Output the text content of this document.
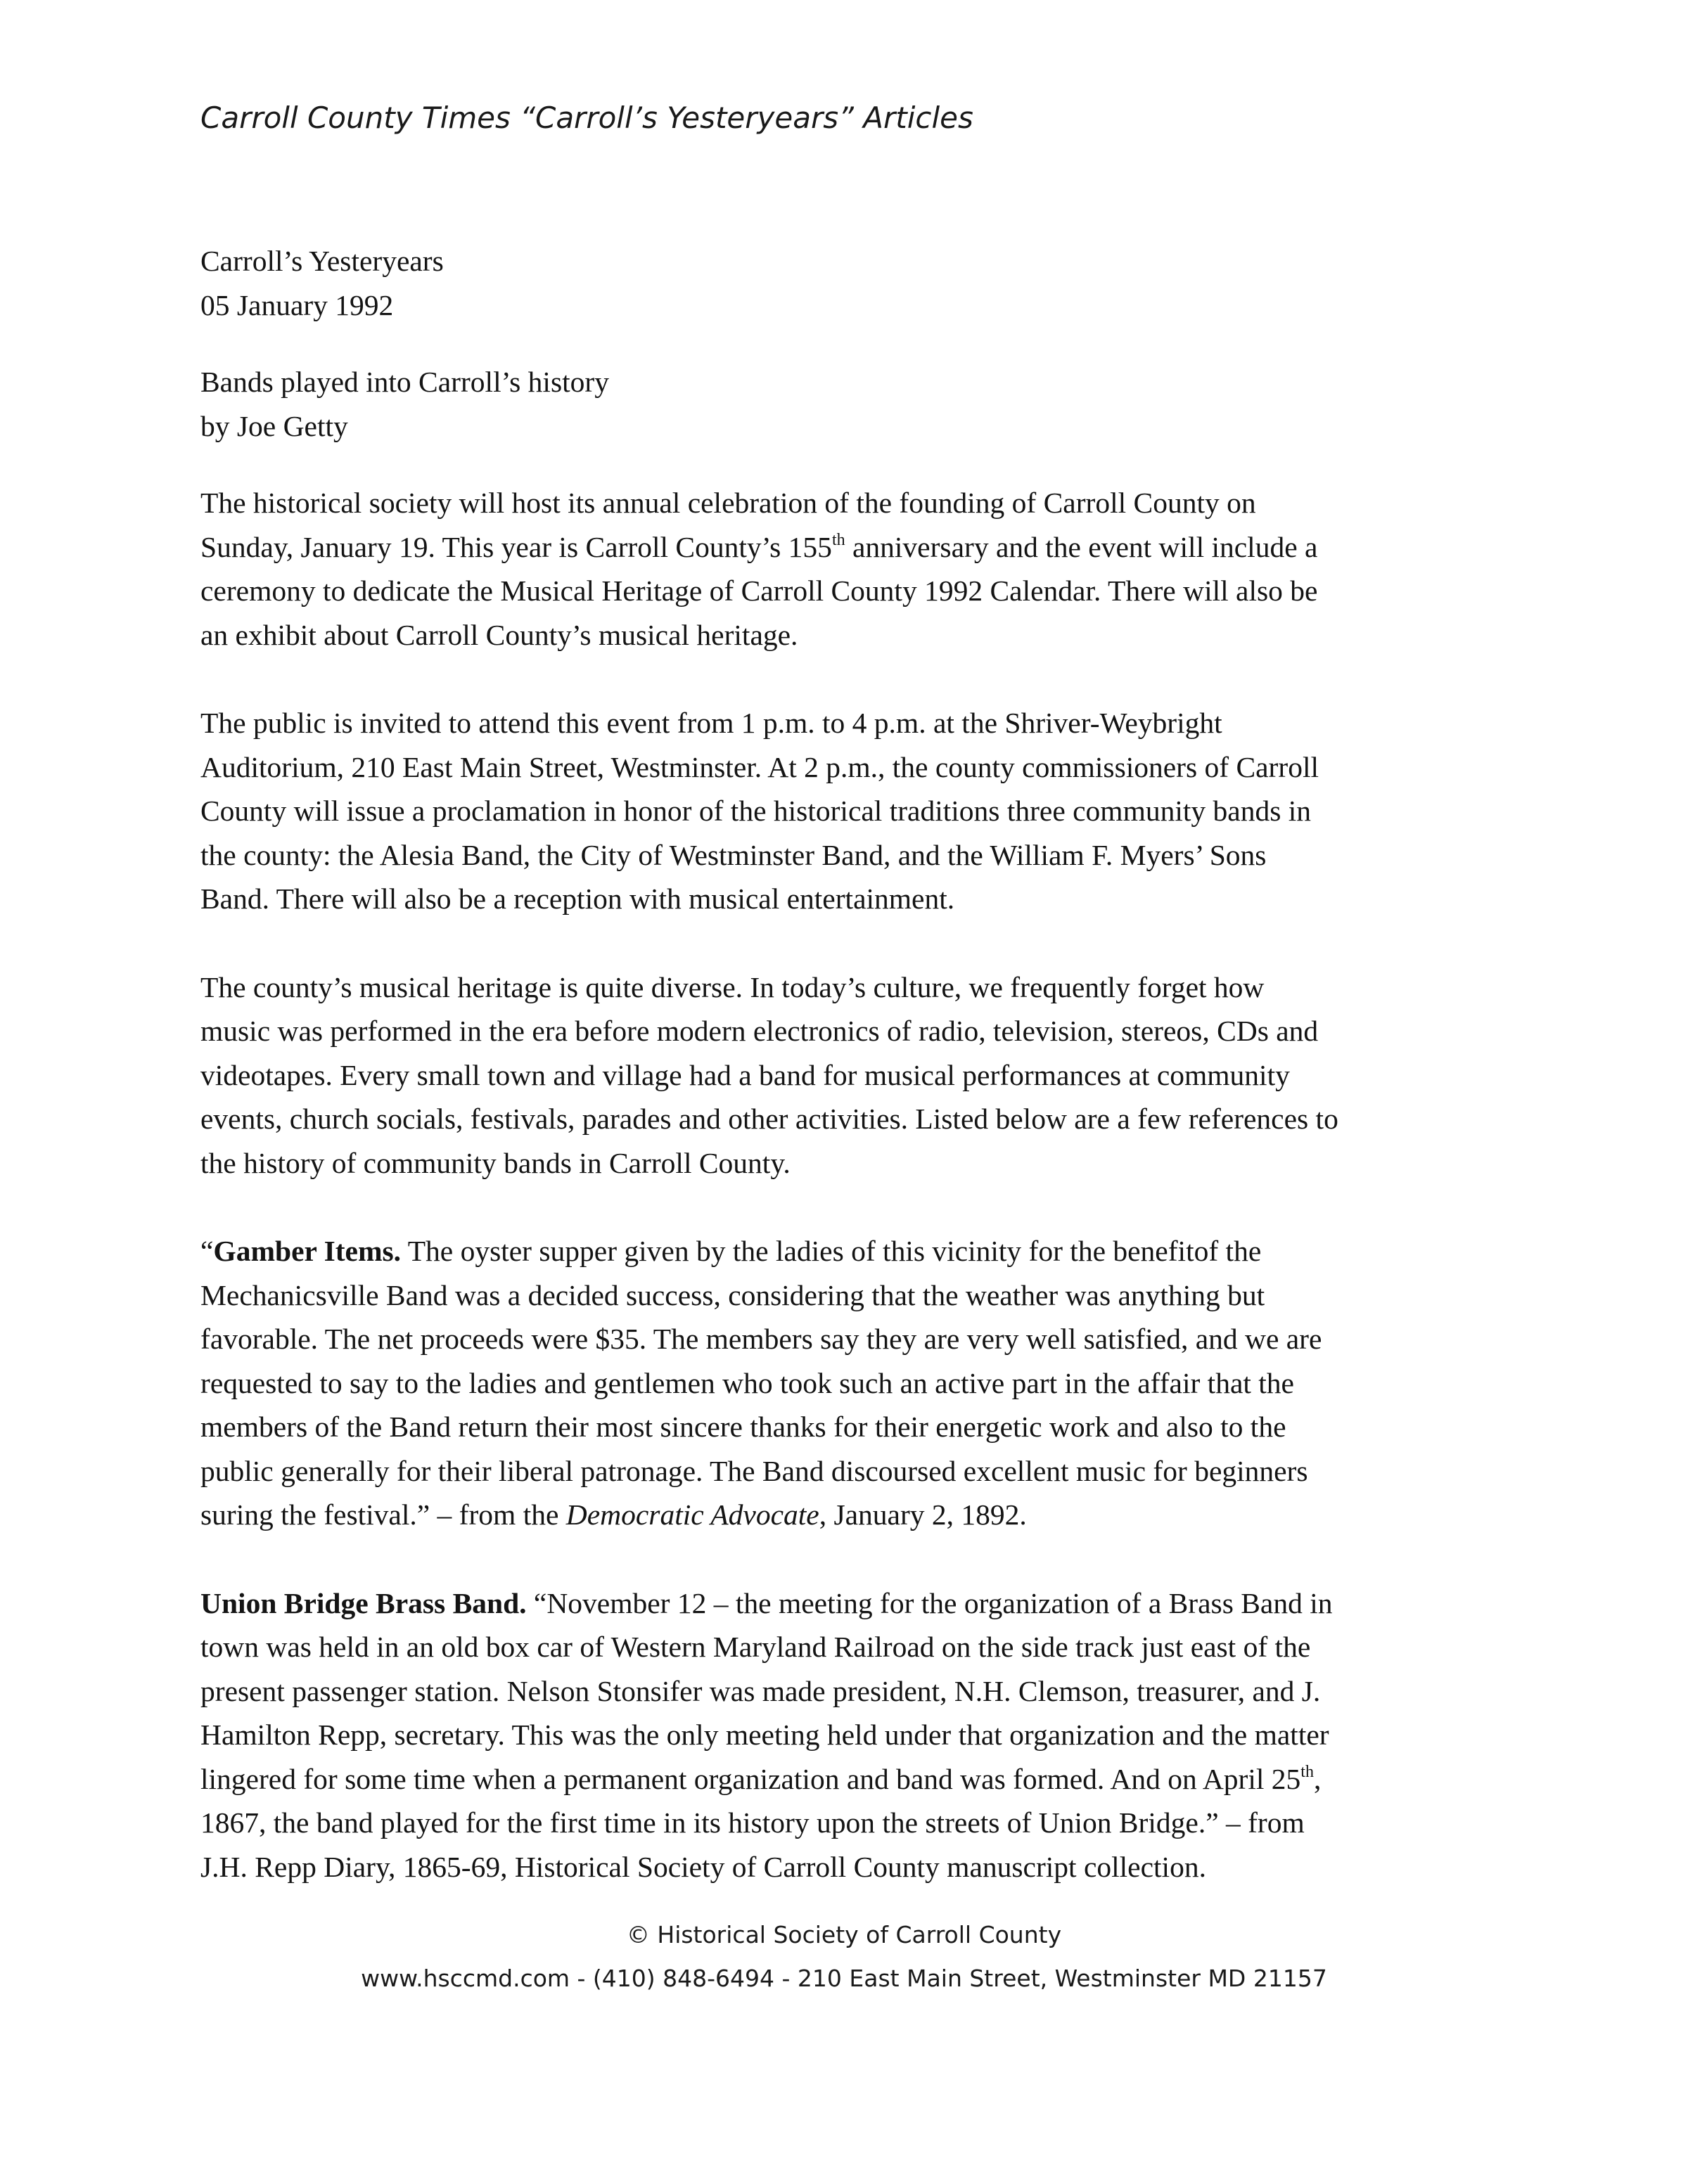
Carroll County Times “Carroll’s Yesteryears” Articles

Carroll’s Yesteryears
05 January 1992

Bands played into Carroll’s history
by Joe Getty

The historical society will host its annual celebration of the founding of Carroll County on
Sunday, January 19. This year is Carroll County’s 155th anniversary and the event will include a
ceremony to dedicate the Musical Heritage of Carroll County 1992 Calendar. There will also be
an exhibit about Carroll County’s musical heritage.

The public is invited to attend this event from 1 p.m. to 4 p.m. at the Shriver-Weybright
Auditorium, 210 East Main Street, Westminster. At 2 p.m., the county commissioners of Carroll
County will issue a proclamation in honor of the historical traditions three community bands in
the county: the Alesia Band, the City of Westminster Band, and the William F. Myers’ Sons
Band. There will also be a reception with musical entertainment.

The county’s musical heritage is quite diverse. In today’s culture, we frequently forget how
music was performed in the era before modern electronics of radio, television, stereos, CDs and
videotapes. Every small town and village had a band for musical performances at community
events, church socials, festivals, parades and other activities. Listed below are a few references to
the history of community bands in Carroll County.

“Gamber Items. The oyster supper given by the ladies of this vicinity for the benefitof the
Mechanicsville Band was a decided success, considering that the weather was anything but
favorable. The net proceeds were $35. The members say they are very well satisfied, and we are
requested to say to the ladies and gentlemen who took such an active part in the affair that the
members of the Band return their most sincere thanks for their energetic work and also to the
public generally for their liberal patronage. The Band discoursed excellent music for beginners
suring the festival.” – from the Democratic Advocate, January 2, 1892.

Union Bridge Brass Band. “November 12 – the meeting for the organization of a Brass Band in
town was held in an old box car of Western Maryland Railroad on the side track just east of the
present passenger station. Nelson Stonsifer was made president, N.H. Clemson, treasurer, and J.
Hamilton Repp, secretary. This was the only meeting held under that organization and the matter
lingered for some time when a permanent organization and band was formed. And on April 25th,
1867, the band played for the first time in its history upon the streets of Union Bridge.” – from
J.H. Repp Diary, 1865-69, Historical Society of Carroll County manuscript collection.

© Historical Society of Carroll County
www.hsccmd.com - (410) 848-6494 - 210 East Main Street, Westminster MD 21157
